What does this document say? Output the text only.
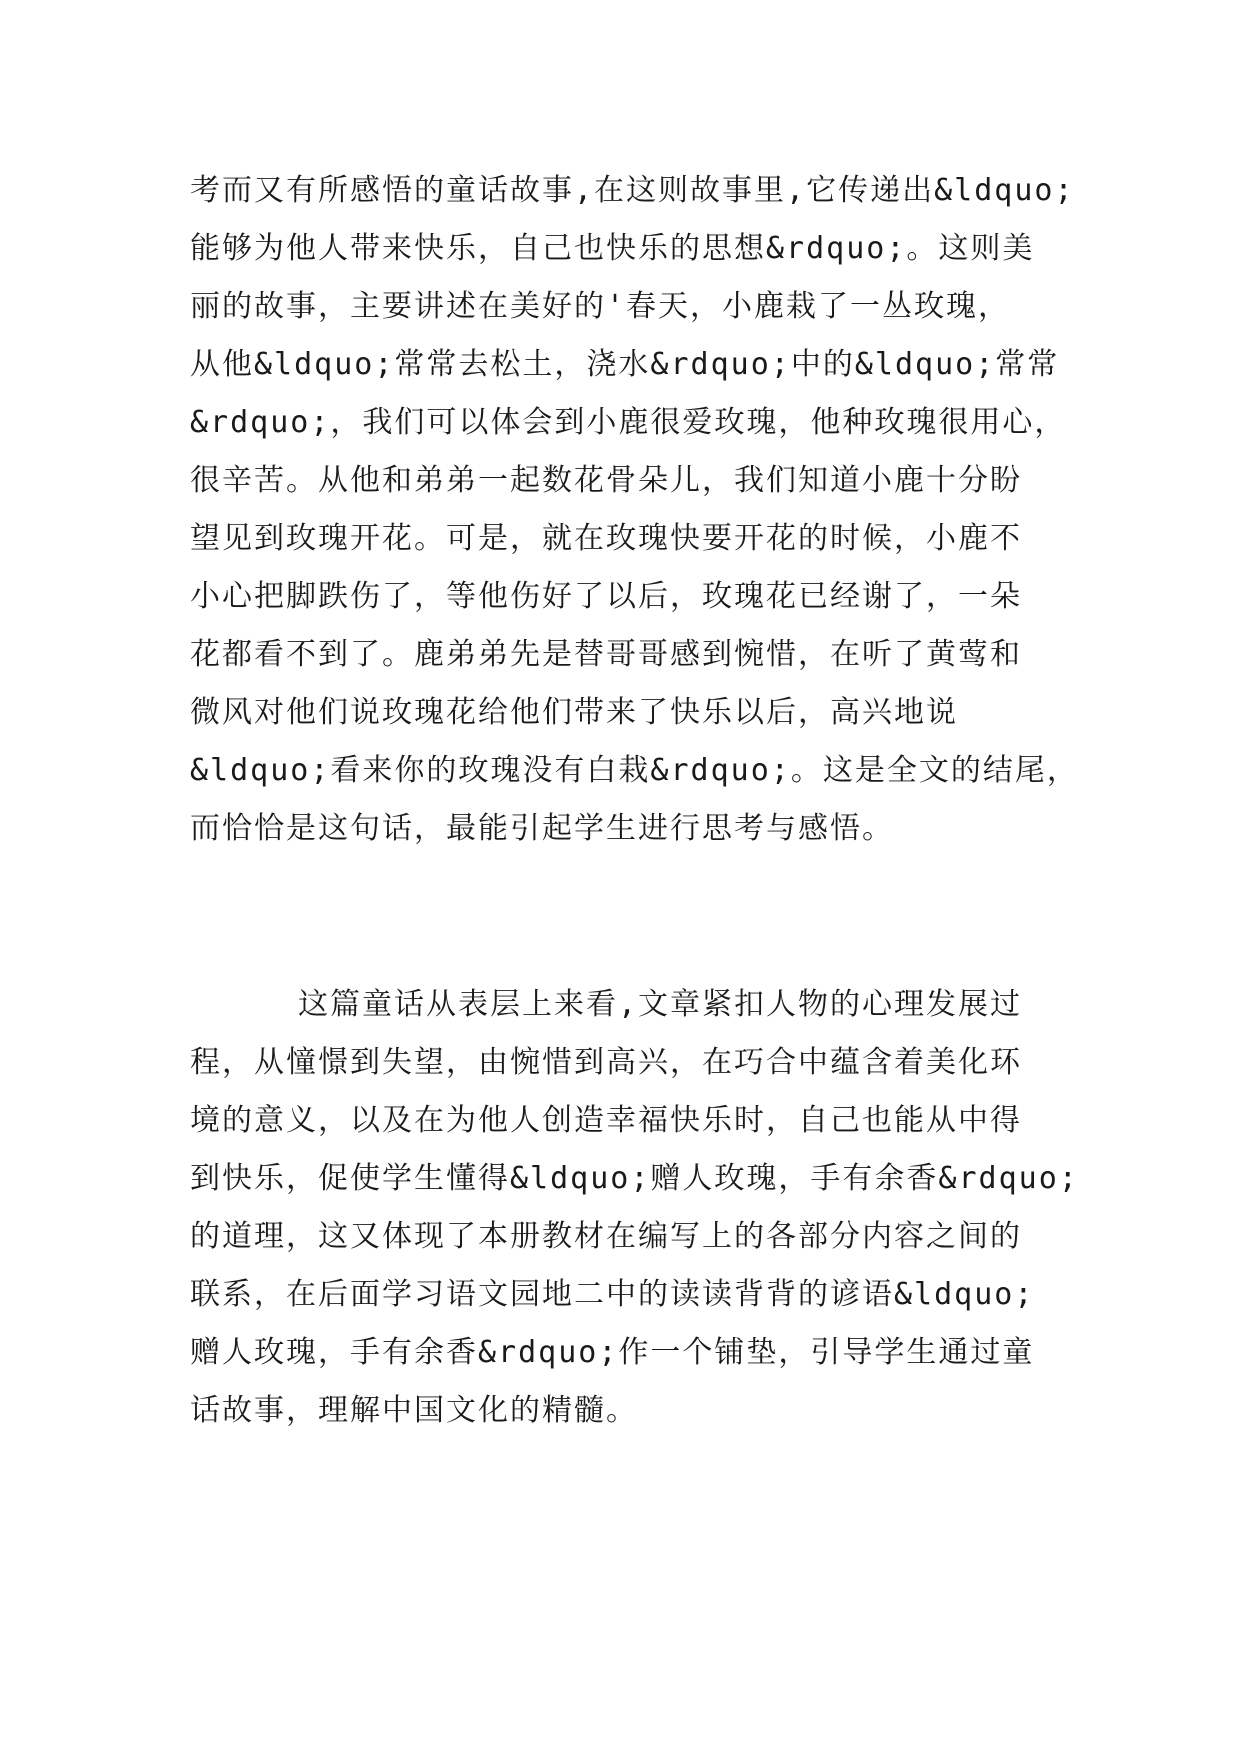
考而又有所感悟的童话故事,在这则故事里,它传递出&ldquo;
能够为他人带来快乐，自己也快乐的思想&rdquo;。这则美
丽的故事，主要讲述在美好的'春天，小鹿栽了一丛玫瑰，
从他&ldquo;常常去松土，浇水&rdquo;中的&ldquo;常常
&rdquo;，我们可以体会到小鹿很爱玫瑰，他种玫瑰很用心，
很辛苦。从他和弟弟一起数花骨朵儿，我们知道小鹿十分盼
望见到玫瑰开花。可是，就在玫瑰快要开花的时候，小鹿不
小心把脚跌伤了，等他伤好了以后，玫瑰花已经谢了，一朵
花都看不到了。鹿弟弟先是替哥哥感到惋惜，在听了黄莺和
微风对他们说玫瑰花给他们带来了快乐以后，高兴地说
&ldquo;看来你的玫瑰没有白栽&rdquo;。这是全文的结尾，
而恰恰是这句话，最能引起学生进行思考与感悟。
这篇童话从表层上来看,文章紧扣人物的心理发展过
程，从憧憬到失望，由惋惜到高兴，在巧合中蕴含着美化环
境的意义，以及在为他人创造幸福快乐时，自己也能从中得
到快乐，促使学生懂得&ldquo;赠人玫瑰，手有余香&rdquo;
的道理，这又体现了本册教材在编写上的各部分内容之间的
联系，在后面学习语文园地二中的读读背背的谚语&ldquo;
赠人玫瑰，手有余香&rdquo;作一个铺垫，引导学生通过童
话故事，理解中国文化的精髓。
